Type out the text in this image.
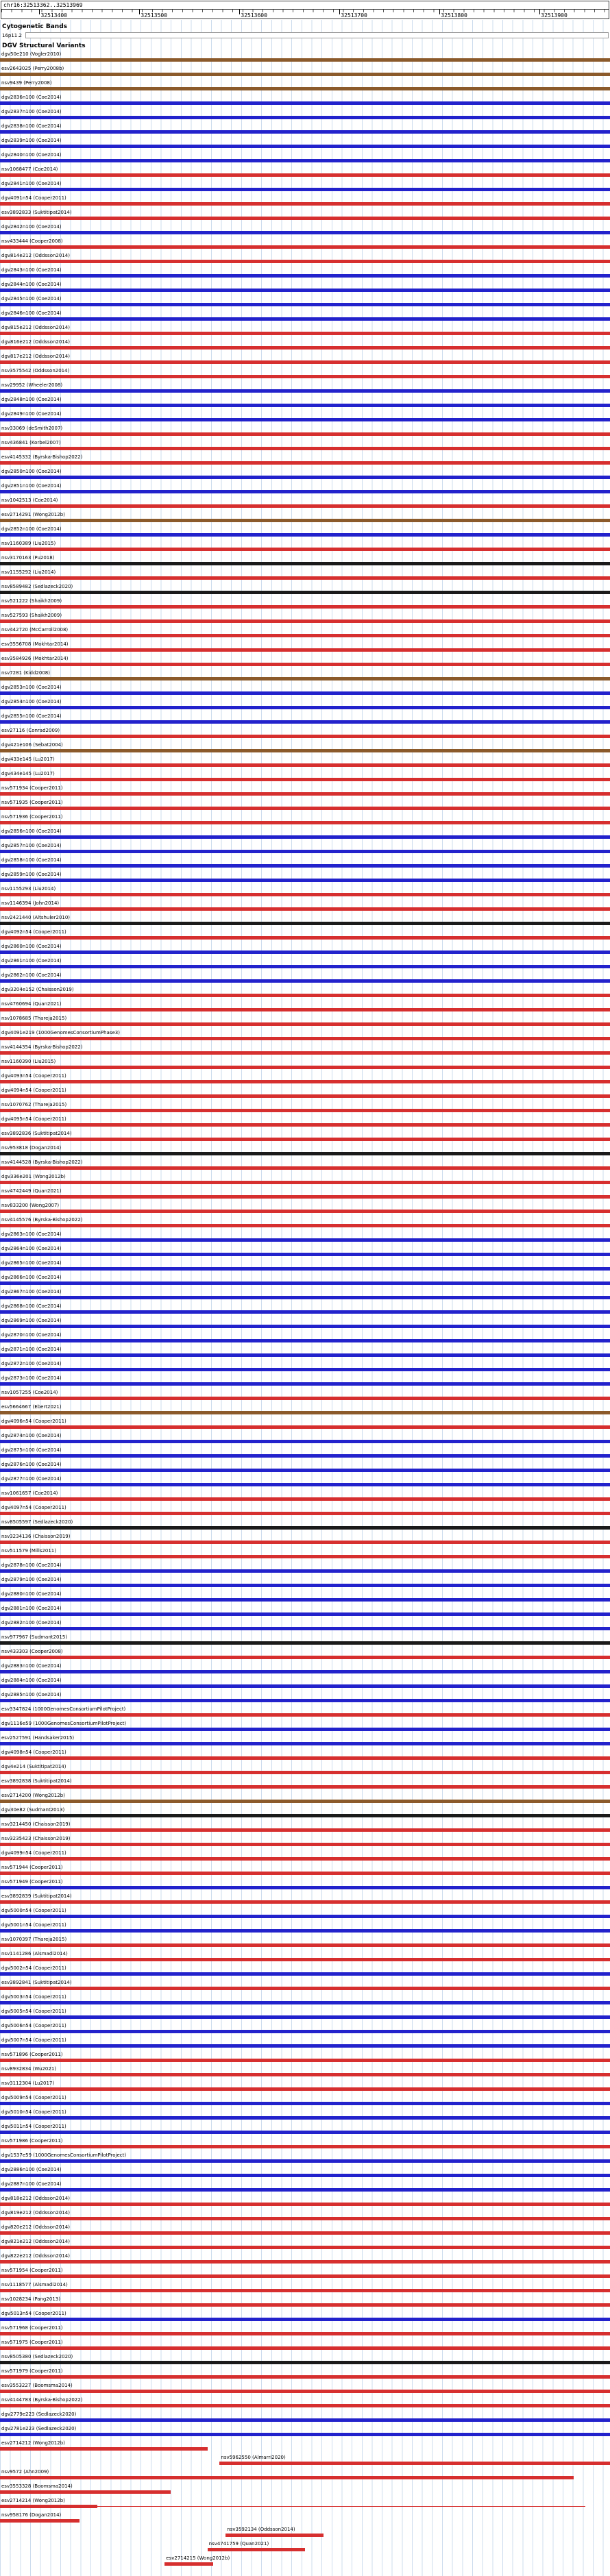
chr16:32513362..32513969
32513400	32513500	32513600	32513700	32513800	32513900
Cytogenetic Bands
16p11.2
DGV Structural Variants
dgv50e210 (Vogler2010)
esv2643025 (Perry2008b)
nsv9439 (Perry2008)
dgv2836n100 (Coe2014)
dgv2837n100 (Coe2014)
dgv2838n100 (Coe2014)
dgv2839n100 (Coe2014)
dgv2840n100 (Coe2014)
nsv1068477 (Coe2014)
dgv2841n100 (Coe2014)
dgv4091n54 (Cooper2011)
esv3892833 (Suktitipat2014)
dgv2842n100 (Coe2014)
nsv433444 (Cooper2008)
dgv814e212 (Oddsson2014)
dgv2843n100 (Coe2014)
dgv2844n100 (Coe2014)
dgv2845n100 (Coe2014)
dgv2846n100 (Coe2014)
dgv815e212 (Oddsson2014)
dgv816e212 (Oddsson2014)
dgv817e212 (Oddsson2014)
nsv3575542 (Oddsson2014)
nsv29952 (Wheeler2008)
dgv2848n100 (Coe2014)
dgv2849n100 (Coe2014)
nsv33069 (deSmith2007)
nsv436841 (Korbel2007)
esv4145332 (Byrska-Bishop2022)
dgv2850n100 (Coe2014)
dgv2851n100 (Coe2014)
nsv1042513 (Coe2014)
esv2714291 (Wong2012b)
dgv2852n100 (Coe2014)
nsv1160389 (Liu2015)
nsv3170163 (Pu2018)
nsv1155292 (Liu2014)
nsv8589482 (Sedlazeck2020)
nsv521222 (Shaikh2009)
nsv527593 (Shaikh2009)
nsv442720 (McCarroll2008)
esv3556708 (Mokhtar2014)
esv3584926 (Mokhtar2014)
nsv7281 (Kidd2008)
dgv2853n100 (Coe2014)
dgv2854n100 (Coe2014)
dgv2855n100 (Coe2014)
esv27116 (Conrad2009)
dgv421e106 (Sebat2004)
dgv433e145 (Lu2017)
dgv434e145 (Lu2017)
nsv571934 (Cooper2011)
nsv571935 (Cooper2011)
nsv571936 (Cooper2011)
dgv2856n100 (Coe2014)
dgv2857n100 (Coe2014)
dgv2858n100 (Coe2014)
dgv2859n100 (Coe2014)
nsv1155293 (Liu2014)
nsv1146394 (John2014)
nsv2421440 (Altshuler2010)
dgv4092n54 (Cooper2011)
dgv2860n100 (Coe2014)
dgv2861n100 (Coe2014)
dgv2862n100 (Coe2014)
dgv3204e152 (Chaisson2019)
nsv4760694 (Quan2021)
nsv1078685 (Thareja2015)
dgv4091e219 (1000GenomesConsortiumPhase3)
nsv4144354 (Byrska-Bishop2022)
nsv1160390 (Liu2015)
dgv4093n54 (Cooper2011)
dgv4094n54 (Cooper2011)
nsv1070762 (Thareja2015)
dgv4095n54 (Cooper2011)
esv3892836 (Suktitipat2014)
nsv953818 (Dogan2014)
nsv4144528 (Byrska-Bishop2022)
dgv336e201 (Wong2012b)
nsv4742449 (Quan2021)
nsv833200 (Wong2007)
nsv4145576 (Byrska-Bishop2022)
dgv2863n100 (Coe2014)
dgv2864n100 (Coe2014)
dgv2865n100 (Coe2014)
dgv2866n100 (Coe2014)
dgv2867n100 (Coe2014)
dgv2868n100 (Coe2014)
dgv2869n100 (Coe2014)
dgv2870n100 (Coe2014)
dgv2871n100 (Coe2014)
dgv2872n100 (Coe2014)
dgv2873n100 (Coe2014)
nsv1057255 (Coe2014)
esv5664667 (Ebert2021)
dgv4096n54 (Cooper2011)
dgv2874n100 (Coe2014)
dgv2875n100 (Coe2014)
dgv2876n100 (Coe2014)
dgv2877n100 (Coe2014)
nsv1061657 (Coe2014)
dgv4097n54 (Cooper2011)
nsv8505597 (Sedlazeck2020)
nsv3234136 (Chaisson2019)
nsv511579 (Mills2011)
dgv2878n100 (Coe2014)
dgv2879n100 (Coe2014)
dgv2880n100 (Coe2014)
dgv2881n100 (Coe2014)
dgv2882n100 (Coe2014)
nsv977967 (Sudmant2015)
nsv433303 (Cooper2008)
dgv2883n100 (Coe2014)
dgv2884n100 (Coe2014)
dgv2885n100 (Coe2014)
esv3347824 (1000GenomesConsortiumPilotProject)
dgv1116e59 (1000GenomesConsortiumPilotProject)
esv2527591 (Handsaker2015)
dgv4098n54 (Cooper2011)
dgv4e214 (Suktitipat2014)
esv3892838 (Suktitipat2014)
esv2714200 (Wong2012b)
dgv30e82 (Sudmant2013)
nsv3214450 (Chaisson2019)
nsv3235423 (Chaisson2019)
dgv4099n54 (Cooper2011)
nsv571944 (Cooper2011)
nsv571949 (Cooper2011)
esv3892839 (Suktitipat2014)
dgv5000n54 (Cooper2011)
dgv5001n54 (Cooper2011)
nsv1070397 (Thareja2015)
nsv1141286 (Alsmadi2014)
dgv5002n54 (Cooper2011)
esv3892841 (Suktitipat2014)
dgv5003n54 (Cooper2011)
dgv5005n54 (Cooper2011)
dgv5006n54 (Cooper2011)
dgv5007n54 (Cooper2011)
nsv571896 (Cooper2011)
nsv8932834 (Wu2021)
nsv3112304 (Lu2017)
dgv5009n54 (Cooper2011)
dgv5010n54 (Cooper2011)
dgv5011n54 (Cooper2011)
nsv571986 (Cooper2011)
dgv1537e59 (1000GenomesConsortiumPilotProject)
dgv2886n100 (Coe2014)
dgv2887n100 (Coe2014)
dgv818e212 (Oddsson2014)
dgv819e212 (Oddsson2014)
dgv820e212 (Oddsson2014)
dgv821e212 (Oddsson2014)
dgv822e212 (Oddsson2014)
nsv571954 (Cooper2011)
nsv1118577 (Alsmadi2014)
nsv1028234 (Pang2013)
dgv5013n54 (Cooper2011)
nsv571968 (Cooper2011)
nsv571975 (Cooper2011)
nsv8505380 (Sedlazeck2020)
nsv571979 (Cooper2011)
esv3553227 (Boomsma2014)
nsv4144783 (Byrska-Bishop2022)
dgv2779e223 (Sedlazeck2020)
dgv2781e223 (Sedlazeck2020)
esv2714212 (Wong2012b)
nsv5962550 (Almarri2020)
nsv9572 (Ahn2009)
esv3553328 (Boomsma2014)
esv2714214 (Wong2012b)
nsv958176 (Dogan2014)
nsv3592134 (Oddsson2014)
nsv4741759 (Quan2021)
esv2714215 (Wong2012b)
